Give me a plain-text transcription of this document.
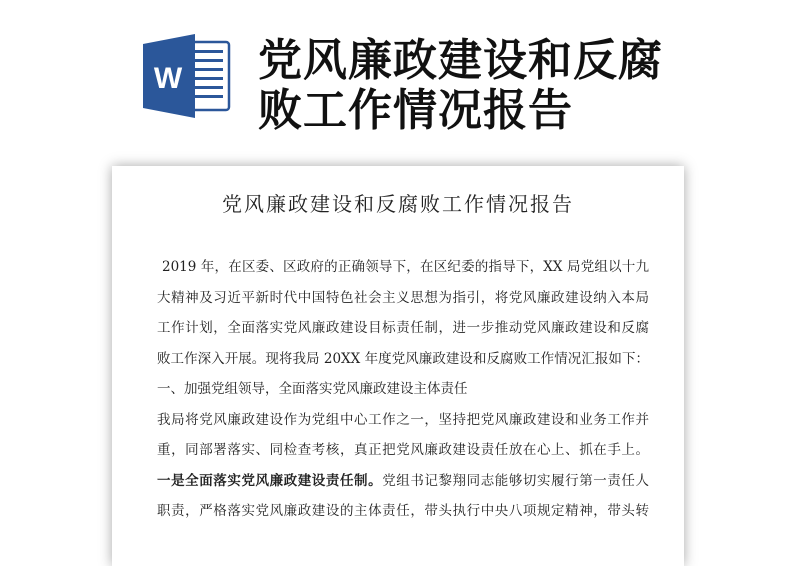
W 党风廉政建设和反腐
败工作情况报告
党风廉政建设和反腐败工作情况报告
2019 年，在区委、区政府的正确领导下，在区纪委的指导下，XX 局党组以十九
大精神及习近平新时代中国特色社会主义思想为指引，将党风廉政建设纳入本局
工作计划，全面落实党风廉政建设目标责任制，进一步推动党风廉政建设和反腐
败工作深入开展。现将我局 20XX 年度党风廉政建设和反腐败工作情况汇报如下：
一、加强党组领导，全面落实党风廉政建设主体责任
我局将党风廉政建设作为党组中心工作之一，坚持把党风廉政建设和业务工作并
重，同部署落实、同检查考核，真正把党风廉政建设责任放在心上、抓在手上。
一是全面落实党风廉政建设责任制。党组书记黎翔同志能够切实履行第一责任人
职责，严格落实党风廉政建设的主体责任，带头执行中央八项规定精神，带头转
